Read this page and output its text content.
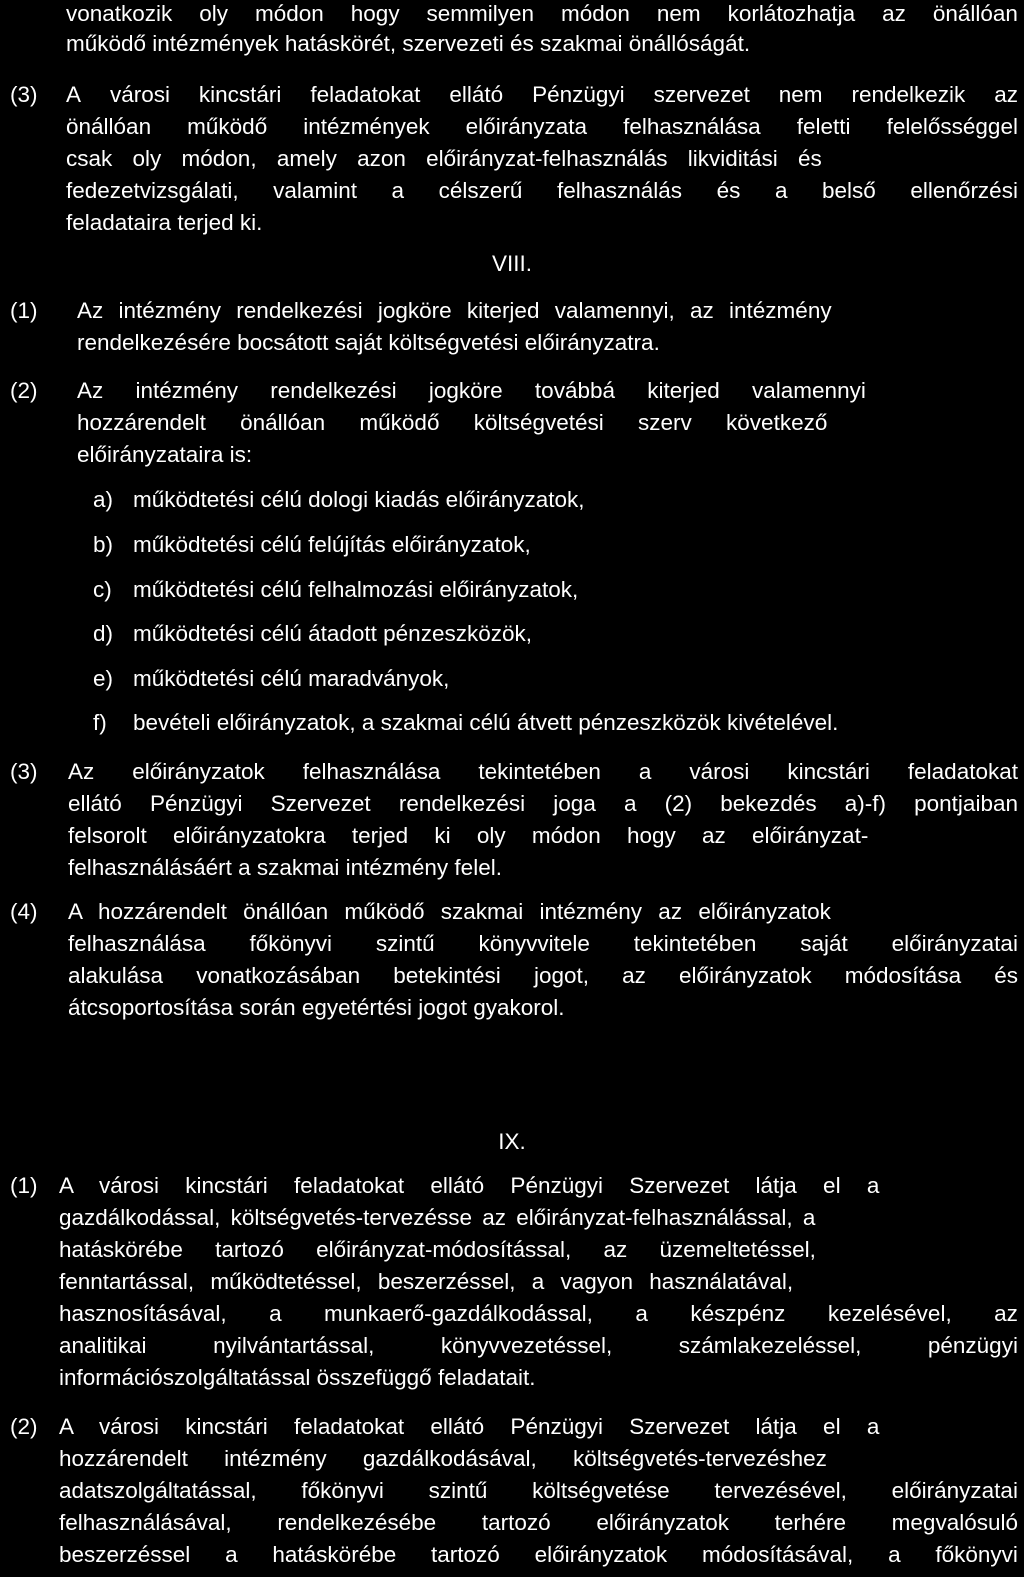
vonatkozik oly módon hogy semmilyen módon nem korlátozhatja az önállóan
működő intézmények hatáskörét, szervezeti és szakmai önállóságát.
(3) A városi kincstári feladatokat ellátó Pénzügyi szervezet nem rendelkezik az
önállóan működő intézmények előirányzata felhasználása feletti felelősséggel
csak oly módon, amely azon előirányzat-felhasználás likviditási és
fedezetvizsgálati, valamint a célszerű felhasználás és a belső ellenőrzési
feladataira terjed ki.
VIII.
(1) Az intézmény rendelkezési jogköre kiterjed valamennyi, az intézmény
rendelkezésére bocsátott saját költségvetési előirányzatra.
(2) Az intézmény rendelkezési jogköre továbbá kiterjed valamennyi
hozzárendelt önállóan működő költségvetési szerv következő
előirányzataira is:
a) működtetési célú dologi kiadás előirányzatok,
b) működtetési célú felújítás előirányzatok,
c) működtetési célú felhalmozási előirányzatok,
d) működtetési célú átadott pénzeszközök,
e) működtetési célú maradványok,
f) bevételi előirányzatok, a szakmai célú átvett pénzeszközök kivételével.
(3) Az előirányzatok felhasználása tekintetében a városi kincstári feladatokat
ellátó Pénzügyi Szervezet rendelkezési joga a (2) bekezdés a)-f) pontjaiban
felsorolt előirányzatokra terjed ki oly módon hogy az előirányzat-
felhasználásáért a szakmai intézmény felel.
(4) A hozzárendelt önállóan működő szakmai intézmény az előirányzatok
felhasználása főkönyvi szintű könyvvitele tekintetében saját előirányzatai
alakulása vonatkozásában betekintési jogot, az előirányzatok módosítása és
átcsoportosítása során egyetértési jogot gyakorol.
IX.
(1) A városi kincstári feladatokat ellátó Pénzügyi Szervezet látja el a
gazdálkodással, költségvetés-tervezésse az előirányzat-felhasználással, a
hatáskörébe tartozó előirányzat-módosítással, az üzemeltetéssel,
fenntartással, működtetéssel, beszerzéssel, a vagyon használatával,
hasznosításával, a munkaerő-gazdálkodással, a készpénz kezelésével, az
analitikai	nyilvántartással,	könyvvezetéssel,	számlakezeléssel,	pénzügyi
információszolgáltatással összefüggő feladatait.
(2) A városi kincstári feladatokat ellátó Pénzügyi Szervezet látja el a
hozzárendelt intézmény gazdálkodásával, költségvetés-tervezéshez
adatszolgáltatással, főkönyvi szintű költségvetése tervezésével, előirányzatai
felhasználásával, rendelkezésébe tartozó előirányzatok terhére megvalósuló
beszerzéssel a hatáskörébe tartozó előirányzatok módosításával, a főkönyvi
